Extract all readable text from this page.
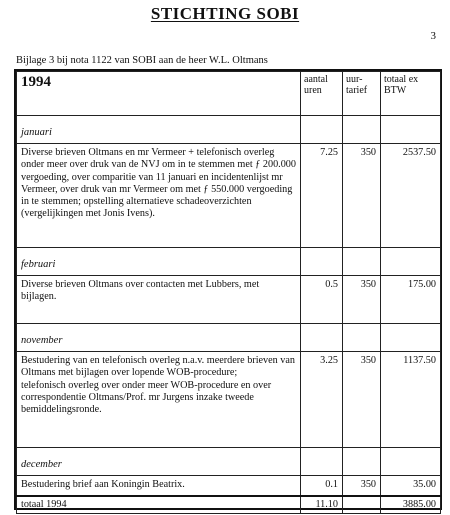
STICHTING SOBI
3
Bijlage 3 bij nota 1122 van SOBI aan de heer W.L. Oltmans
1994	aantal uren	uur-tarief	totaal ex BTW
januari			
Diverse brieven Oltmans en mr Vermeer + telefonisch overleg onder meer over druk van de NVJ om in te stemmen met ƒ 200.000 vergoeding, over comparitie van 11 januari en incidentenlijst mr Vermeer, over druk van mr Vermeer om met ƒ 550.000 vergoeding in te stemmen; opstelling alternatieve schadeoverzichten (vergelijkingen met Jonis Ivens).	7.25	350	2537.50
februari			
Diverse brieven Oltmans over contacten met Lubbers, met bijlagen.	0.5	350	175.00
november			
Bestudering van en telefonisch overleg n.a.v. meerdere brieven van Oltmans met bijlagen over lopende WOB-procedure;
telefonisch overleg over onder meer WOB-procedure en over correspondentie Oltmans/Prof. mr Jurgens inzake tweede bemiddelingsronde.	3.25	350	1137.50
december			
Bestudering brief aan Koningin Beatrix.	0.1	350	35.00
totaal 1994	11.10		3885.00
